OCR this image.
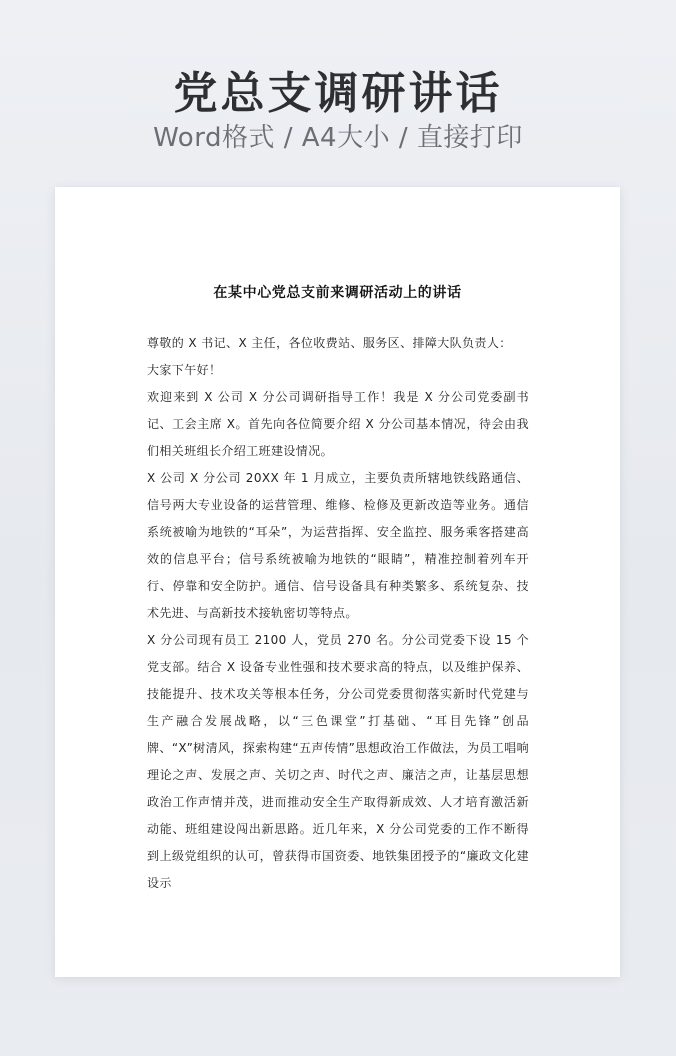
党总支调研讲话
Word格式 / A4大小 / 直接打印
在某中心党总支前来调研活动上的讲话

尊敬的 X 书记、X 主任，各位收费站、服务区、排障大队负责人：

大家下午好！

欢迎来到 X 公司 X 分公司调研指导工作！我是 X 分公司党委副书记、工会主席 X。首先向各位简要介绍 X 分公司基本情况，待会由我们相关班组长介绍工班建设情况。

X 公司 X 分公司 20XX 年 1 月成立，主要负责所辖地铁线路通信、信号两大专业设备的运营管理、维修、检修及更新改造等业务。通信系统被喻为地铁的“耳朵”，为运营指挥、安全监控、服务乘客搭建高效的信息平台；信号系统被喻为地铁的“眼睛”，精准控制着列车开行、停靠和安全防护。通信、信号设备具有种类繁多、系统复杂、技术先进、与高新技术接轨密切等特点。

X 分公司现有员工 2100 人，党员 270 名。分公司党委下设 15 个党支部。结合 X 设备专业性强和技术要求高的特点，以及维护保养、技能提升、技术攻关等根本任务，分公司党委贯彻落实新时代党建与生产融合发展战略，以“三色课堂”打基础、“耳目先锋”创品牌、“X”树清风，探索构建“五声传情”思想政治工作做法，为员工唱响理论之声、发展之声、关切之声、时代之声、廉洁之声，让基层思想政治工作声情并茂，进而推动安全生产取得新成效、人才培育激活新动能、班组建设闯出新思路。近几年来，X 分公司党委的工作不断得到上级党组织的认可，曾获得市国资委、地铁集团授予的“廉政文化建设示
